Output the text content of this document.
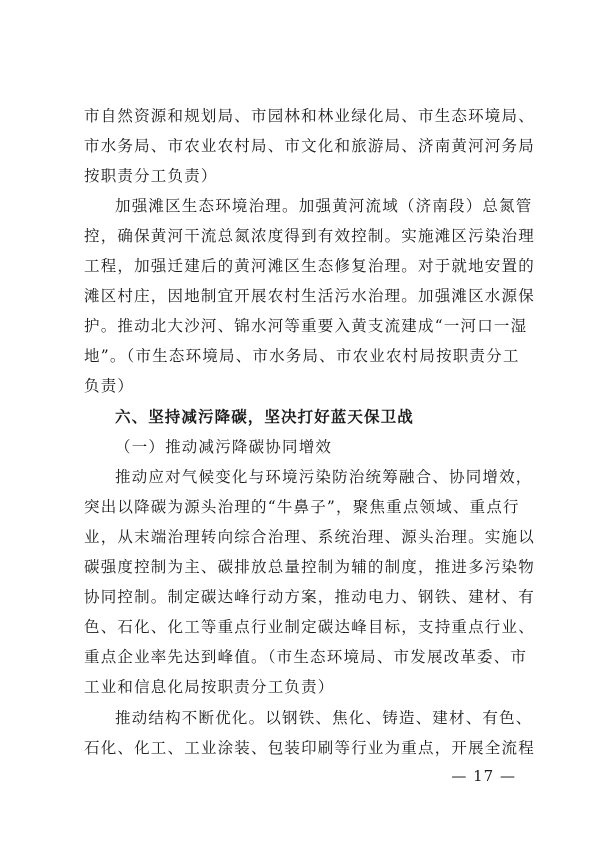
市自然资源和规划局、市园林和林业绿化局、市生态环境局、
市水务局、市农业农村局、市文化和旅游局、济南黄河河务局
按职责分工负责）
加强滩区生态环境治理。加强黄河流域（济南段）总氮管
控，确保黄河干流总氮浓度得到有效控制。实施滩区污染治理
工程，加强迁建后的黄河滩区生态修复治理。对于就地安置的
滩区村庄，因地制宜开展农村生活污水治理。加强滩区水源保
护。推动北大沙河、锦水河等重要入黄支流建成“一河口一湿
地”。（市生态环境局、市水务局、市农业农村局按职责分工
负责）
六、坚持减污降碳，坚决打好蓝天保卫战
（一）推动减污降碳协同增效
推动应对气候变化与环境污染防治统筹融合、协同增效，
突出以降碳为源头治理的“牛鼻子”，聚焦重点领域、重点行
业，从末端治理转向综合治理、系统治理、源头治理。实施以
碳强度控制为主、碳排放总量控制为辅的制度，推进多污染物
协同控制。制定碳达峰行动方案，推动电力、钢铁、建材、有
色、石化、化工等重点行业制定碳达峰目标，支持重点行业、
重点企业率先达到峰值。（市生态环境局、市发展改革委、市
工业和信息化局按职责分工负责）
推动结构不断优化。以钢铁、焦化、铸造、建材、有色、
石化、化工、工业涂装、包装印刷等行业为重点，开展全流程
— 17 —
